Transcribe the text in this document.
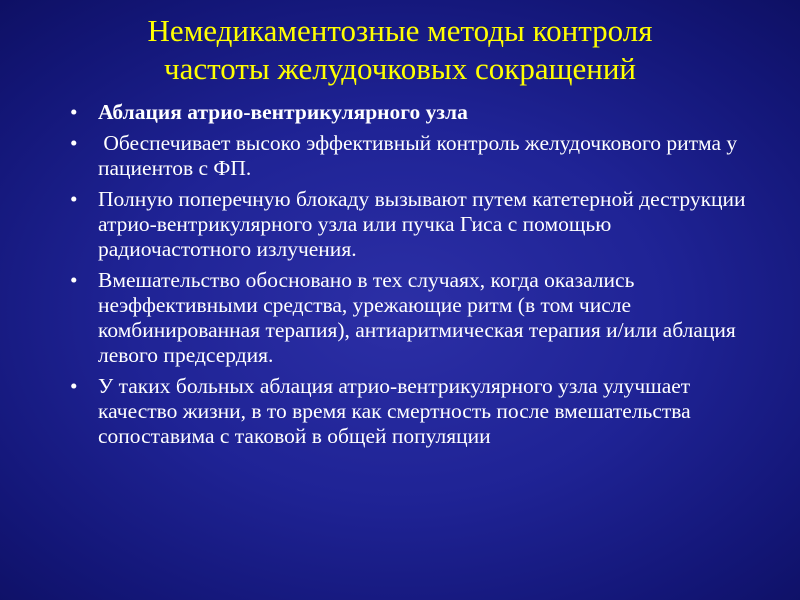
Немедикаментозные методы контроля
частоты желудочковых сокращений
• Аблация атрио-вентрикулярного узла
• Обеспечивает высоко эффективный контроль желудочкового ритма у пациентов с ФП.
• Полную поперечную блокаду вызывают путем катетерной деструкции атрио-вентрикулярного узла или пучка Гиса с помощью радиочастотного излучения.
• Вмешательство обосновано в тех случаях, когда оказались неэффективными средства, урежающие ритм (в том числе комбинированная терапия), антиаритмическая терапия и/или аблация левого предсердия.
• У таких больных аблация атрио-вентрикулярного узла улучшает качество жизни, в то время как смертность после вмешательства сопоставима с таковой в общей популяции
